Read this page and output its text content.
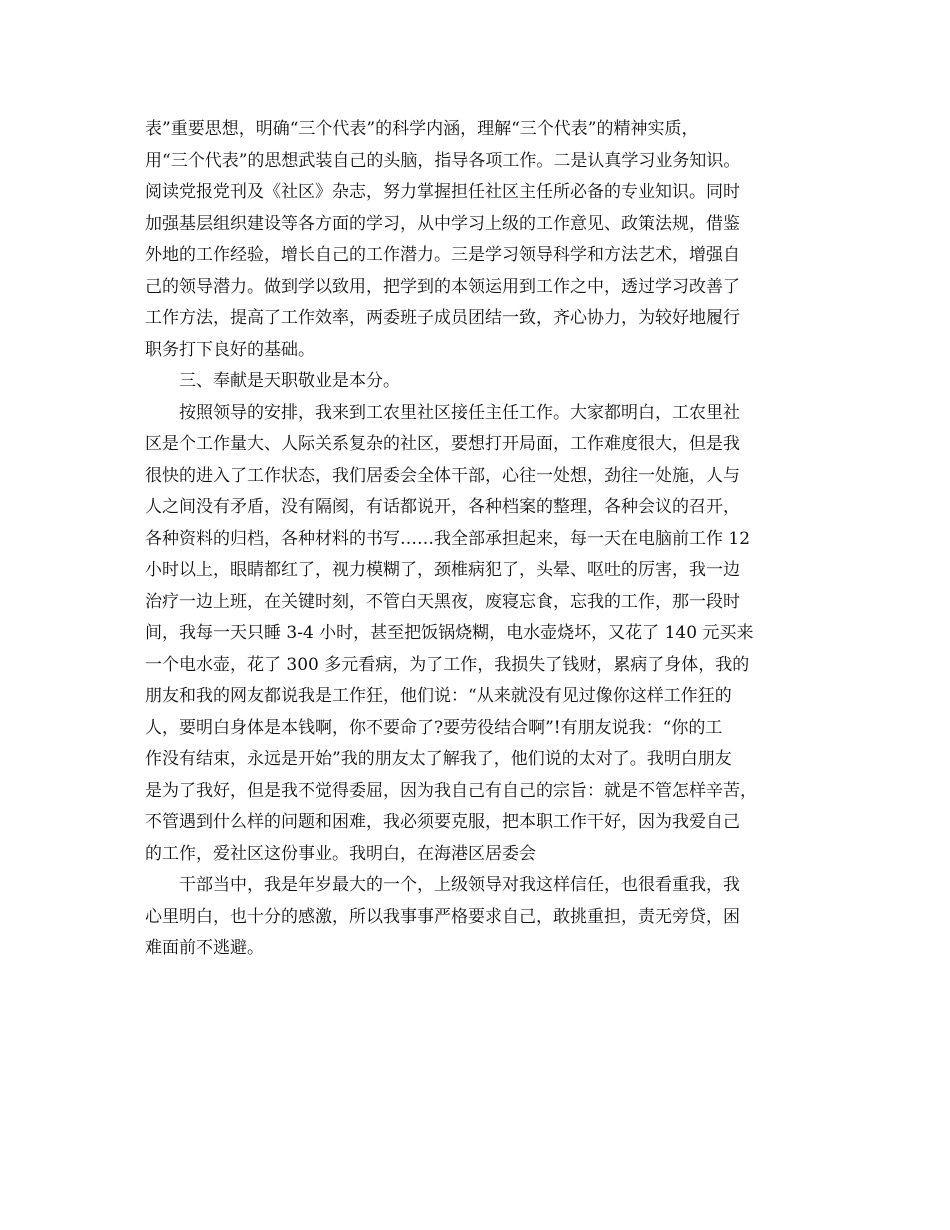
表”重要思想，明确“三个代表”的科学内涵，理解“三个代表”的精神实质，
用“三个代表”的思想武装自己的头脑，指导各项工作。二是认真学习业务知识。
阅读党报党刊及《社区》杂志，努力掌握担任社区主任所必备的专业知识。同时
加强基层组织建设等各方面的学习，从中学习上级的工作意见、政策法规，借鉴
外地的工作经验，增长自己的工作潜力。三是学习领导科学和方法艺术，增强自
己的领导潜力。做到学以致用，把学到的本领运用到工作之中，透过学习改善了
工作方法，提高了工作效率，两委班子成员团结一致，齐心协力，为较好地履行
职务打下良好的基础。
三、奉献是天职敬业是本分。
按照领导的安排，我来到工农里社区接任主任工作。大家都明白，工农里社
区是个工作量大、人际关系复杂的社区，要想打开局面，工作难度很大，但是我
很快的进入了工作状态，我们居委会全体干部，心往一处想，劲往一处施，人与
人之间没有矛盾，没有隔阂，有话都说开，各种档案的整理，各种会议的召开，
各种资料的归档，各种材料的书写……我全部承担起来，每一天在电脑前工作 12
小时以上，眼睛都红了，视力模糊了，颈椎病犯了，头晕、呕吐的厉害，我一边
治疗一边上班，在关键时刻，不管白天黑夜，废寝忘食，忘我的工作，那一段时
间，我每一天只睡 3-4 小时，甚至把饭锅烧糊，电水壶烧坏，又花了 140 元买来
一个电水壶，花了 300 多元看病，为了工作，我损失了钱财，累病了身体，我的
朋友和我的网友都说我是工作狂，他们说：“从来就没有见过像你这样工作狂的
人，要明白身体是本钱啊，你不要命了?要劳役结合啊”!有朋友说我：“你的工
作没有结束，永远是开始”我的朋友太了解我了，他们说的太对了。我明白朋友
是为了我好，但是我不觉得委屈，因为我自己有自己的宗旨：就是不管怎样辛苦，
不管遇到什么样的问题和困难，我必须要克服，把本职工作干好，因为我爱自己
的工作，爱社区这份事业。我明白，在海港区居委会
干部当中，我是年岁最大的一个，上级领导对我这样信任，也很看重我，我
心里明白，也十分的感激，所以我事事严格要求自己，敢挑重担，责无旁贷，困
难面前不逃避。
